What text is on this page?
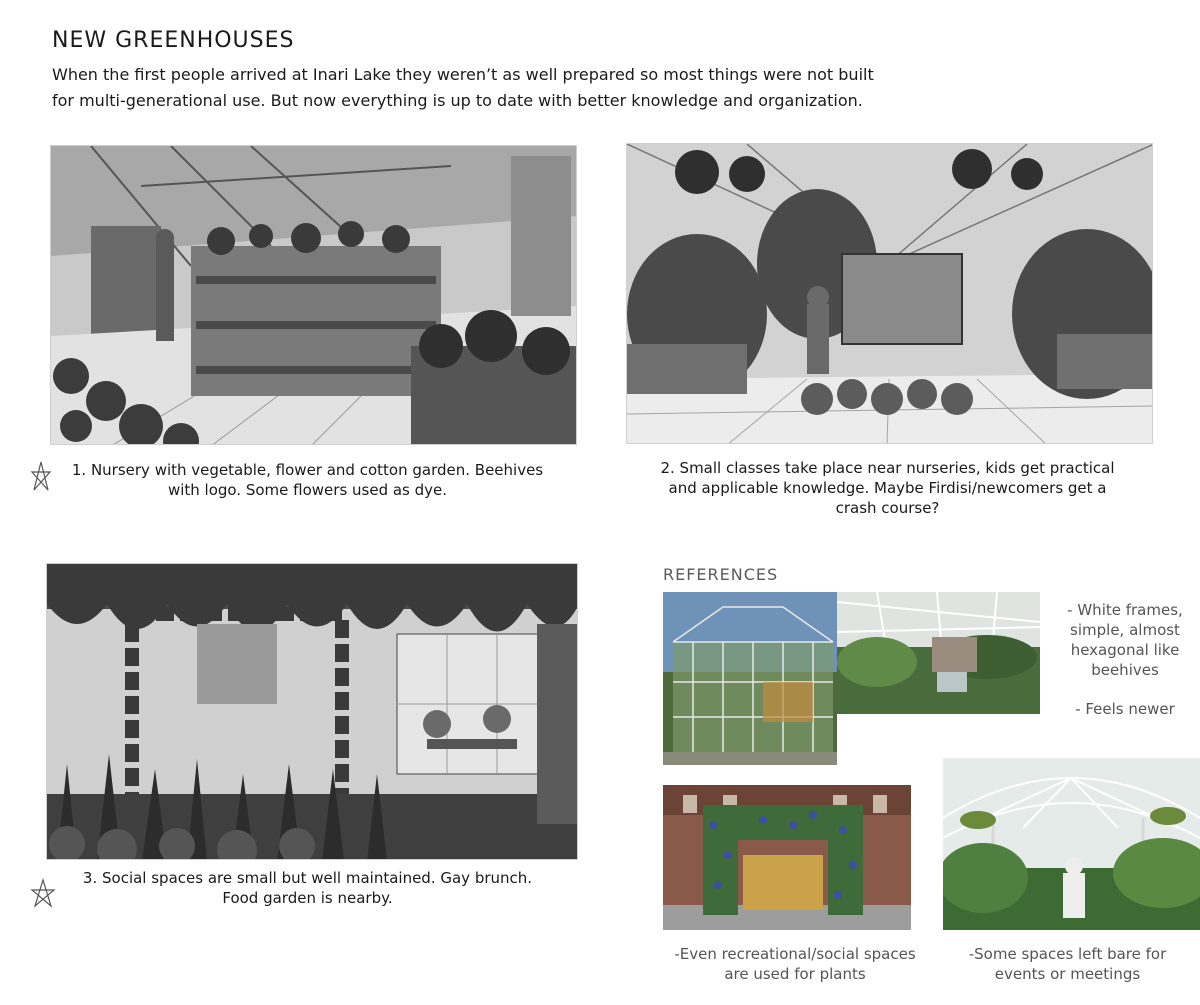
NEW GREENHOUSES
When the first people arrived at Inari Lake they weren’t as well prepared so most things were not built
for multi-generational use. But now everything is up to date with better knowledge and organization.
1. Nursery with vegetable, flower and cotton garden. Beehives
with logo. Some flowers used as dye.
2. Small classes take place near nurseries, kids get practical
and applicable knowledge. Maybe Firdisi/newcomers get a
crash course?
3. Social spaces are small but well maintained. Gay brunch.
Food garden is nearby.
REFERENCES
- White frames,
simple, almost
hexagonal like
beehives
- Feels newer
-Even recreational/social spaces
are used for plants
-Some spaces left bare for
events or meetings
